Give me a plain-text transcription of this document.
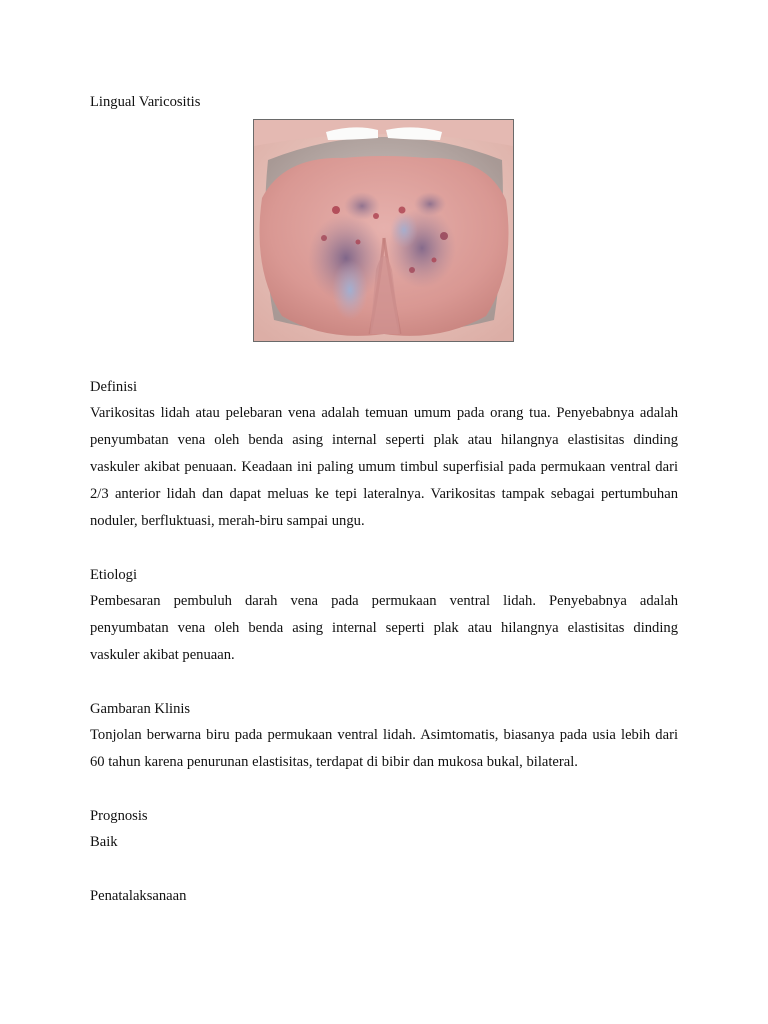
Lingual Varicositis
Definisi
Varikositas lidah atau pelebaran vena adalah temuan umum pada orang tua. Penyebabnya adalah
penyumbatan vena oleh benda asing internal seperti plak atau hilangnya elastisitas dinding
vaskuler akibat penuaan. Keadaan ini paling umum timbul superfisial pada permukaan ventral dari
2/3 anterior lidah dan dapat meluas ke tepi lateralnya. Varikositas tampak sebagai pertumbuhan
noduler, berfluktuasi, merah-biru sampai ungu.
Etiologi
Pembesaran pembuluh darah vena pada permukaan ventral lidah. Penyebabnya adalah
penyumbatan vena oleh benda asing internal seperti plak atau hilangnya elastisitas dinding
vaskuler akibat penuaan.
Gambaran Klinis
Tonjolan berwarna biru pada permukaan ventral lidah. Asimtomatis, biasanya pada usia lebih dari
60 tahun karena penurunan elastisitas, terdapat di bibir dan mukosa bukal, bilateral.
Prognosis
Baik
Penatalaksanaan
